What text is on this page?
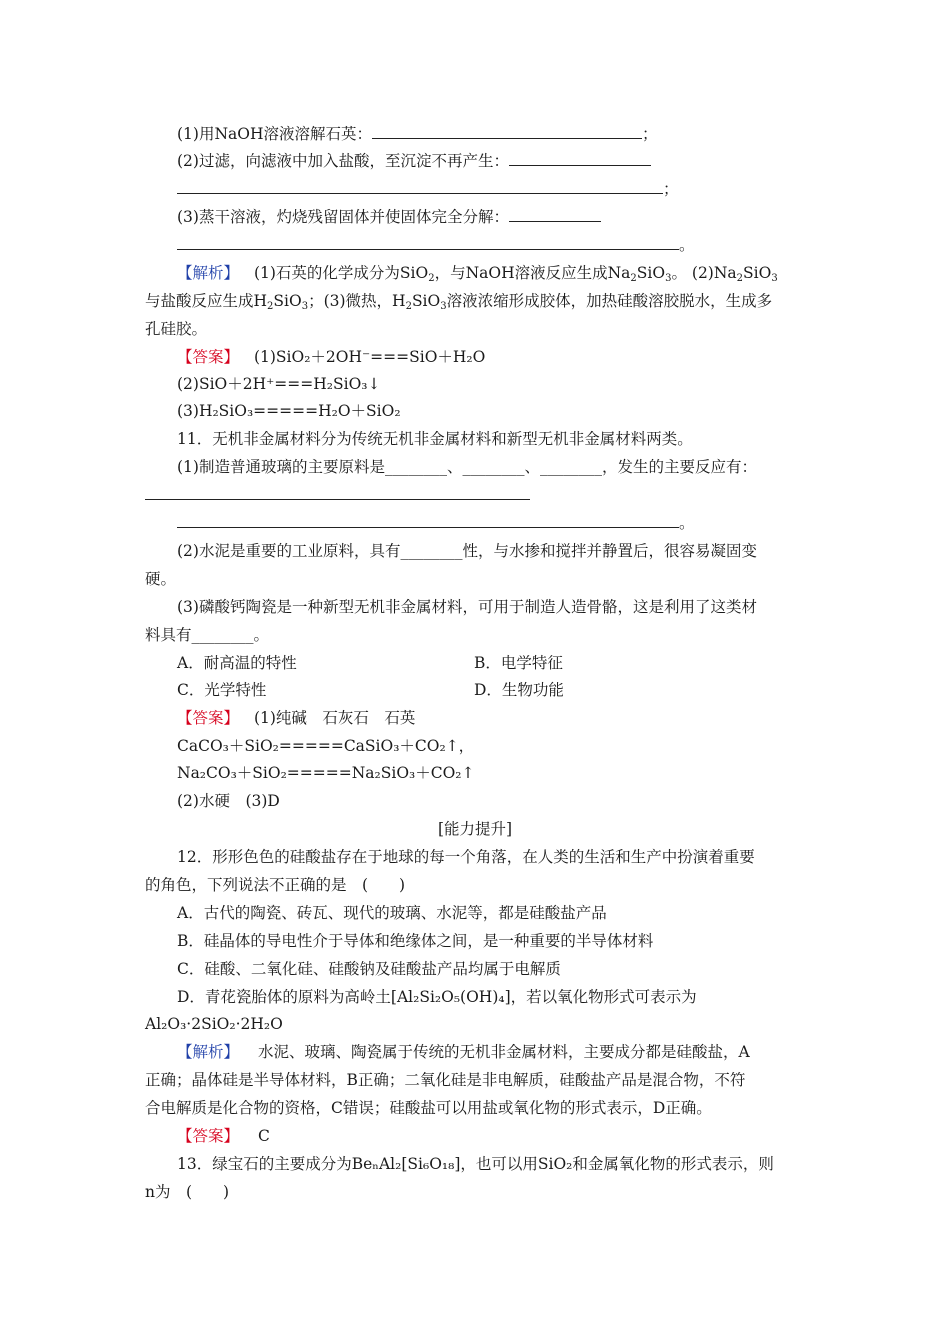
(1)用NaOH溶液溶解石英：	；
(2)过滤，向滤液中加入盐酸，至沉淀不再产生：
；
(3)蒸干溶液，灼烧残留固体并使固体完全分解：
。
【解析】 (1)石英的化学成分为SiO$_2$，与NaOH溶液反应生成$Na_2SiO_3$。 $(2)Na_2SiO_3$
与盐酸反应生成$H_2SiO_3$；(3)微热，$H_2SiO_3$溶液浓缩形成胶体，加热硅酸溶胶脱水，生成多
孔硅胶。
【答案】 (1)SiO₂＋2OH⁻===SiO＋H₂O
(2)SiO＋2H⁺===H₂SiO₃↓
(3)H₂SiO₃=====H₂O＋SiO₂
11．无机非金属材料分为传统无机非金属材料和新型无机非金属材料两类。
(1)制造普通玻璃的主要原料是________、________、________，发生的主要反应有：
。
(2)水泥是重要的工业原料，具有________性，与水掺和搅拌并静置后，很容易凝固变
硬。
(3)磷酸钙陶瓷是一种新型无机非金属材料，可用于制造人造骨骼，这是利用了这类材
料具有________。
A．耐高温的特性	B．电学特征
C．光学特性	D．生物功能
【答案】 (1)纯碱　石灰石　石英
CaCO₃＋SiO₂=====CaSiO₃＋CO₂↑，
Na₂CO₃＋SiO₂=====Na₂SiO₃＋CO₂↑
(2)水硬　(3)D
[能力提升]
12．形形色色的硅酸盐存在于地球的每一个角落，在人类的生活和生产中扮演着重要
的角色，下列说法不正确的是　(　　)
A．古代的陶瓷、砖瓦、现代的玻璃、水泥等，都是硅酸盐产品
B．硅晶体的导电性介于导体和绝缘体之间，是一种重要的半导体材料
C．硅酸、二氧化硅、硅酸钠及硅酸盐产品均属于电解质
D．青花瓷胎体的原料为高岭土[Al₂Si₂O₅(OH)₄]，若以氧化物形式可表示为
Al₂O₃·2SiO₂·2H₂O
【解析】 水泥、玻璃、陶瓷属于传统的无机非金属材料，主要成分都是硅酸盐，A
正确；晶体硅是半导体材料，B正确；二氧化硅是非电解质，硅酸盐产品是混合物，不符
合电解质是化合物的资格，C错误；硅酸盐可以用盐或氧化物的形式表示，D正确。
【答案】 C
13．绿宝石的主要成分为BeₙAl₂[Si₆O₁₈]，也可以用SiO₂和金属氧化物的形式表示，则
n为　(　　)
